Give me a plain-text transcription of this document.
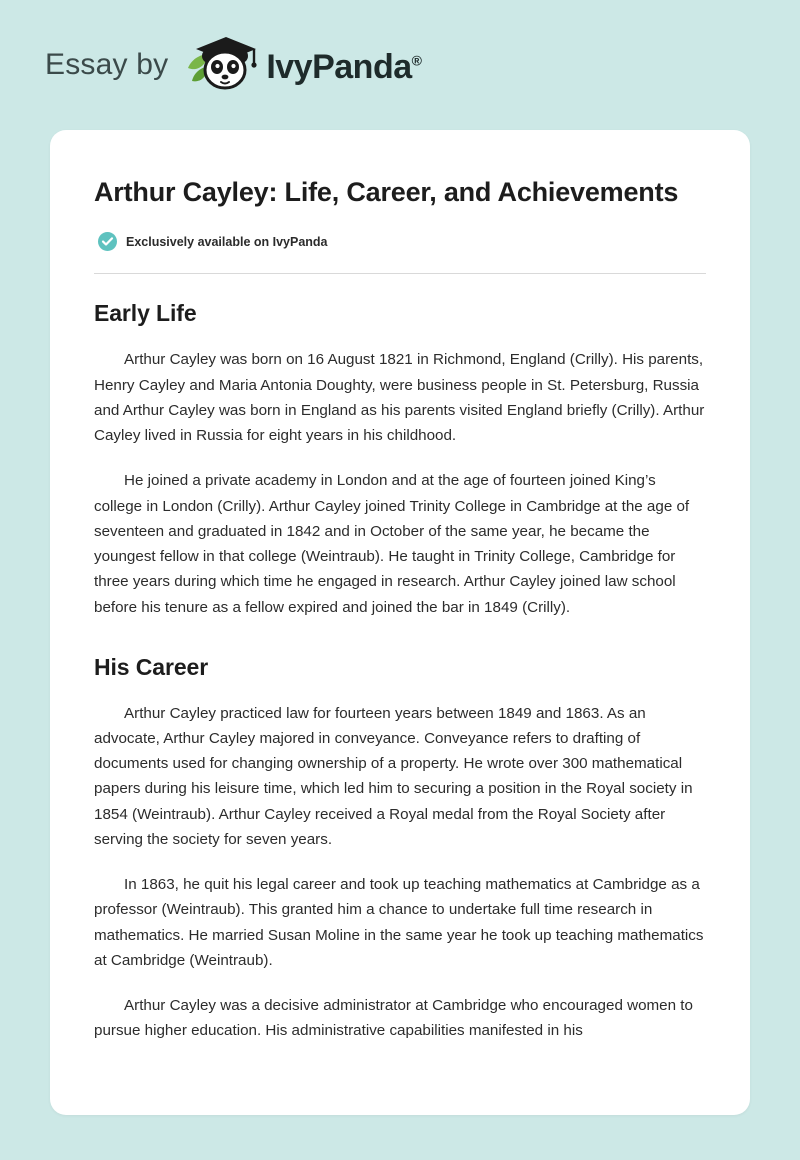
Essay by	IvyPanda®
Arthur Cayley: Life, Career, and Achievements
Exclusively available on IvyPanda
Early Life

Arthur Cayley was born on 16 August 1821 in Richmond, England (Crilly). His parents, Henry Cayley and Maria Antonia Doughty, were business people in St. Petersburg, Russia and Arthur Cayley was born in England as his parents visited England briefly (Crilly). Arthur Cayley lived in Russia for eight years in his childhood.

He joined a private academy in London and at the age of fourteen joined King’s college in London (Crilly). Arthur Cayley joined Trinity College in Cambridge at the age of seventeen and graduated in 1842 and in October of the same year, he became the youngest fellow in that college (Weintraub). He taught in Trinity College, Cambridge for three years during which time he engaged in research. Arthur Cayley joined law school before his tenure as a fellow expired and joined the bar in 1849 (Crilly).

His Career

Arthur Cayley practiced law for fourteen years between 1849 and 1863. As an advocate, Arthur Cayley majored in conveyance. Conveyance refers to drafting of documents used for changing ownership of a property. He wrote over 300 mathematical papers during his leisure time, which led him to securing a position in the Royal society in 1854 (Weintraub). Arthur Cayley received a Royal medal from the Royal Society after serving the society for seven years.

In 1863, he quit his legal career and took up teaching mathematics at Cambridge as a professor (Weintraub). This granted him a chance to undertake full time research in mathematics. He married Susan Moline in the same year he took up teaching mathematics at Cambridge (Weintraub).

Arthur Cayley was a decisive administrator at Cambridge who encouraged women to pursue higher education. His administrative capabilities manifested in his
